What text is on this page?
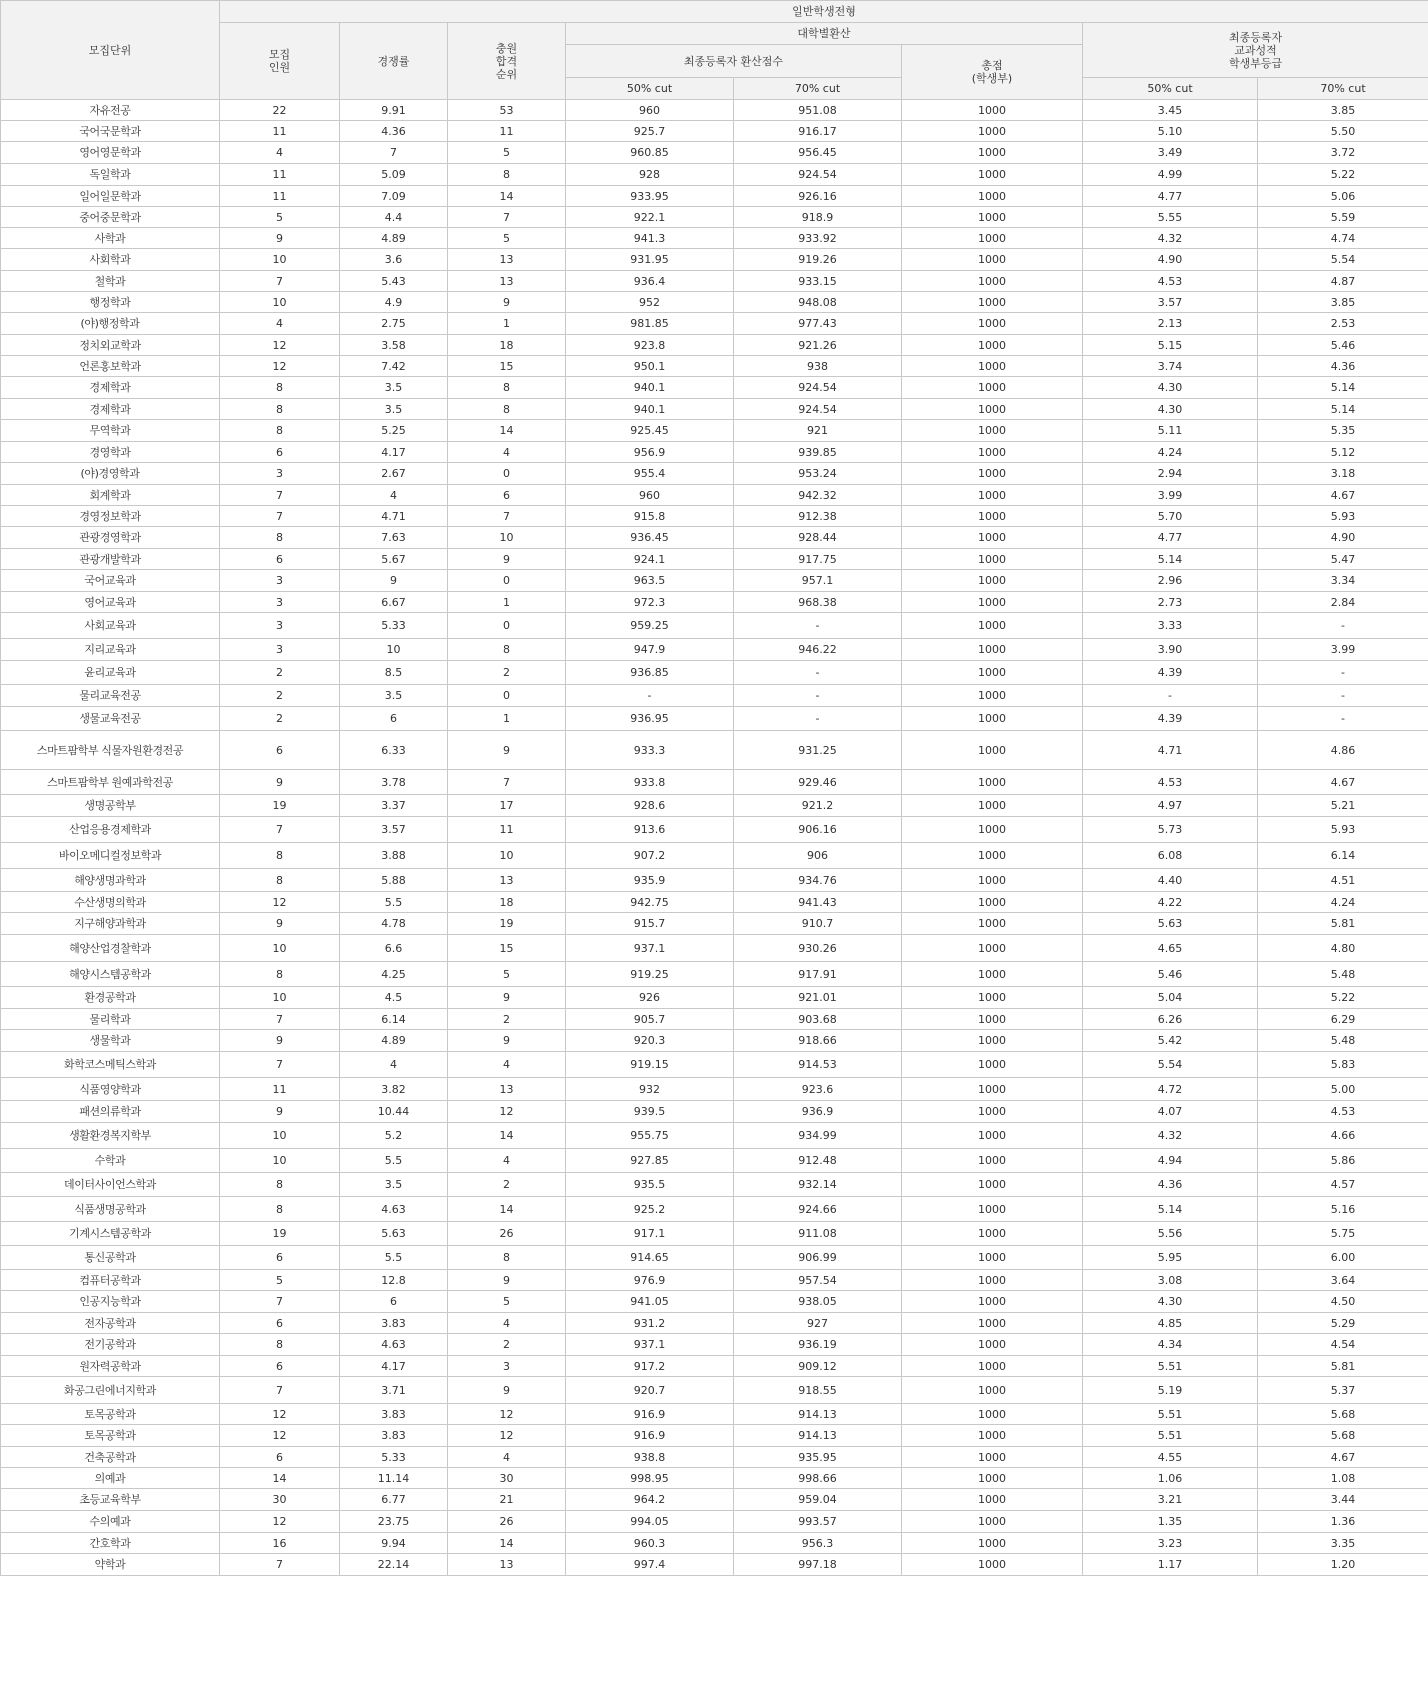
모집단위	일반학생전형							
	모집
인원	경쟁률	충원
합격
순위	대학별환산			최종등록자
교과성적
학생부등급	
				최종등록자 환산점수		총점
(학생부)		
				50% cut	70% cut		50% cut	70% cut
자유전공	22	9.91	53	960	951.08	1000	3.45	3.85
국어국문학과	11	4.36	11	925.7	916.17	1000	5.10	5.50
영어영문학과	4	7	5	960.85	956.45	1000	3.49	3.72
독일학과	11	5.09	8	928	924.54	1000	4.99	5.22
일어일문학과	11	7.09	14	933.95	926.16	1000	4.77	5.06
중어중문학과	5	4.4	7	922.1	918.9	1000	5.55	5.59
사학과	9	4.89	5	941.3	933.92	1000	4.32	4.74
사회학과	10	3.6	13	931.95	919.26	1000	4.90	5.54
철학과	7	5.43	13	936.4	933.15	1000	4.53	4.87
행정학과	10	4.9	9	952	948.08	1000	3.57	3.85
(야)행정학과	4	2.75	1	981.85	977.43	1000	2.13	2.53
정치외교학과	12	3.58	18	923.8	921.26	1000	5.15	5.46
언론홍보학과	12	7.42	15	950.1	938	1000	3.74	4.36
경제학과	8	3.5	8	940.1	924.54	1000	4.30	5.14
경제학과	8	3.5	8	940.1	924.54	1000	4.30	5.14
무역학과	8	5.25	14	925.45	921	1000	5.11	5.35
경영학과	6	4.17	4	956.9	939.85	1000	4.24	5.12
(야)경영학과	3	2.67	0	955.4	953.24	1000	2.94	3.18
회계학과	7	4	6	960	942.32	1000	3.99	4.67
경영정보학과	7	4.71	7	915.8	912.38	1000	5.70	5.93
관광경영학과	8	7.63	10	936.45	928.44	1000	4.77	4.90
관광개발학과	6	5.67	9	924.1	917.75	1000	5.14	5.47
국어교육과	3	9	0	963.5	957.1	1000	2.96	3.34
영어교육과	3	6.67	1	972.3	968.38	1000	2.73	2.84
사회교육과	3	5.33	0	959.25	-	1000	3.33	-
지리교육과	3	10	8	947.9	946.22	1000	3.90	3.99
윤리교육과	2	8.5	2	936.85	-	1000	4.39	-
물리교육전공	2	3.5	0	-	-	1000	-	-
생물교육전공	2	6	1	936.95	-	1000	4.39	-
스마트팜학부 식물자원환경전공	6	6.33	9	933.3	931.25	1000	4.71	4.86
스마트팜학부 원예과학전공	9	3.78	7	933.8	929.46	1000	4.53	4.67
생명공학부	19	3.37	17	928.6	921.2	1000	4.97	5.21
산업응용경제학과	7	3.57	11	913.6	906.16	1000	5.73	5.93
바이오메디컬정보학과	8	3.88	10	907.2	906	1000	6.08	6.14
해양생명과학과	8	5.88	13	935.9	934.76	1000	4.40	4.51
수산생명의학과	12	5.5	18	942.75	941.43	1000	4.22	4.24
지구해양과학과	9	4.78	19	915.7	910.7	1000	5.63	5.81
해양산업경찰학과	10	6.6	15	937.1	930.26	1000	4.65	4.80
해양시스템공학과	8	4.25	5	919.25	917.91	1000	5.46	5.48
환경공학과	10	4.5	9	926	921.01	1000	5.04	5.22
물리학과	7	6.14	2	905.7	903.68	1000	6.26	6.29
생물학과	9	4.89	9	920.3	918.66	1000	5.42	5.48
화학코스메틱스학과	7	4	4	919.15	914.53	1000	5.54	5.83
식품영양학과	11	3.82	13	932	923.6	1000	4.72	5.00
패션의류학과	9	10.44	12	939.5	936.9	1000	4.07	4.53
생활환경복지학부	10	5.2	14	955.75	934.99	1000	4.32	4.66
수학과	10	5.5	4	927.85	912.48	1000	4.94	5.86
데이터사이언스학과	8	3.5	2	935.5	932.14	1000	4.36	4.57
식품생명공학과	8	4.63	14	925.2	924.66	1000	5.14	5.16
기계시스템공학과	19	5.63	26	917.1	911.08	1000	5.56	5.75
통신공학과	6	5.5	8	914.65	906.99	1000	5.95	6.00
컴퓨터공학과	5	12.8	9	976.9	957.54	1000	3.08	3.64
인공지능학과	7	6	5	941.05	938.05	1000	4.30	4.50
전자공학과	6	3.83	4	931.2	927	1000	4.85	5.29
전기공학과	8	4.63	2	937.1	936.19	1000	4.34	4.54
원자력공학과	6	4.17	3	917.2	909.12	1000	5.51	5.81
화공그린에너지학과	7	3.71	9	920.7	918.55	1000	5.19	5.37
토목공학과	12	3.83	12	916.9	914.13	1000	5.51	5.68
토목공학과	12	3.83	12	916.9	914.13	1000	5.51	5.68
건축공학과	6	5.33	4	938.8	935.95	1000	4.55	4.67
의예과	14	11.14	30	998.95	998.66	1000	1.06	1.08
초등교육학부	30	6.77	21	964.2	959.04	1000	3.21	3.44
수의예과	12	23.75	26	994.05	993.57	1000	1.35	1.36
간호학과	16	9.94	14	960.3	956.3	1000	3.23	3.35
약학과	7	22.14	13	997.4	997.18	1000	1.17	1.20
